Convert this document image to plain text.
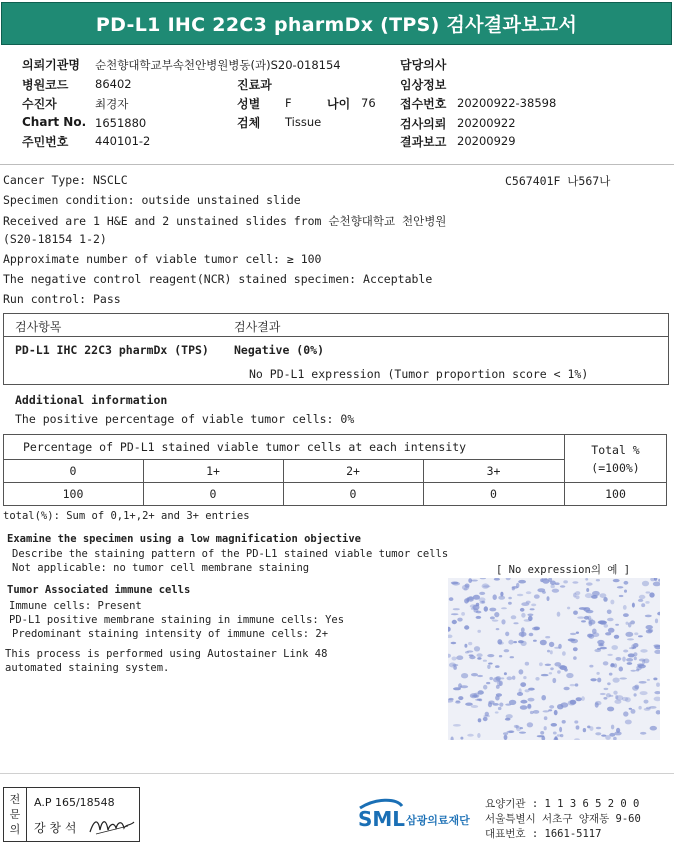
PD-L1 IHC 22C3 pharmDx (TPS) 검사결과보고서
의뢰기관명 순천향대학교부속천안병원병동(과)S20-018154	담당의사
병원코드 86402	진료과	임상정보
수진자	최경자	성별 F	나이 76 접수번호 20200922-38598
Chart No. 1651880	검체 Tissue	검사의뢰 20200922
주민번호 440101-2	결과보고 20200929
Cancer Type: NSCLC	C567401F 나567나
Specimen condition: outside unstained slide
Received are 1 H&E and 2 unstained slides from 순천향대학교 천안병원
(S20-18154 1-2)
Approximate number of viable tumor cell: ≥ 100
The negative control reagent(NCR) stained specimen: Acceptable
Run control: Pass
검사항목	검사결과
PD-L1 IHC 22C3 pharmDx (TPS) Negative (0%)
No PD-L1 expression (Tumor proportion score < 1%)
Additional information
The positive percentage of viable tumor cells: 0%
Percentage of PD-L1 stained viable tumor cells at each intensity	Total %
(=100%)
0	1+	2+	3+
100	0	0	0	100
total(%): Sum of 0,1+,2+ and 3+ entries
Examine the specimen using a low magnification objective
Describe the staining pattern of the PD-L1 stained viable tumor cells
Not applicable: no tumor cell membrane staining	[ No expression의 예 ]
Tumor Associated immune cells
Immune cells: Present
PD-L1 positive membrane staining in immune cells: Yes
Predominant staining intensity of immune cells: 2+
This process is performed using Autostainer Link 48
automated staining system.
전문의
A.P 165/18548
강 창 석	SML 삼광의료재단
요양기관 : 1 1 3 6 5 2 0 0
서울특별시 서초구 양재동 9-60
대표번호 : 1661-5117
